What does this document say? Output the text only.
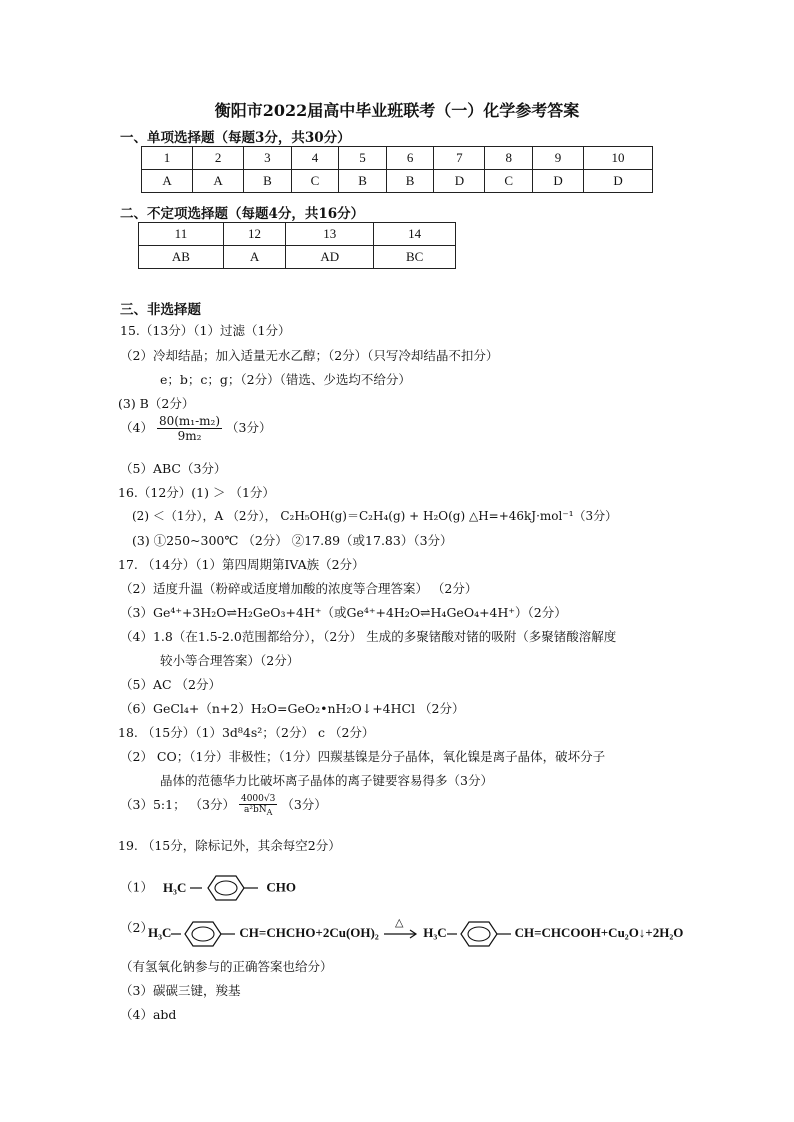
衡阳市2022届高中毕业班联考（一）化学参考答案
一、单项选择题（每题3分，共30分）
1	2	3	4	5	6	7	8	9	10
A	A	B	C	B	B	D	C	D	D
二、不定项选择题（每题4分，共16分）
11	12	13	14
AB	A	AD	BC
三、非选择题
15.（13分）（1）过滤（1分）
（2）冷却结晶；加入适量无水乙醇；（2分）（只写冷却结晶不扣分）
e；b；c；g；（2分）（错选、少选均不给分）
(3) B（2分）
$(4) \frac{\text{80(m₁-m₂)}}{\text{9m₂}} (3$分）
（5）ABC（3分）
16.（12分）(1) ＞ （1分）
(2) ＜（1分），A （2分）， C₂H₅OH(g)＝C₂H₄(g) + H₂O(g) △H=+46kJ·mol⁻¹（3分）
(3) ①250~300℃ （2分） ②17.89（或17.83）（3分）
17. （14分）（1）第四周期第IVA族（2分）
（2）适度升温（粉碎或适度增加酸的浓度等合理答案） （2分）
（3）Ge⁴⁺+3H₂O⇌H₂GeO₃+4H⁺（或Ge⁴⁺+4H₂O⇌H₄GeO₄+4H⁺）（2分）
（4）1.8（在1.5-2.0范围都给分），（2分） 生成的多聚锗酸对锗的吸附（多聚锗酸溶解度
较小等合理答案）（2分）
（5）AC （2分）
（6）GeCl₄+（n+2）H₂O=GeO₂•nH₂O↓+4HCl （2分）
18. （15分）（1）3d⁸4s²；（2分） c （2分）
（2） CO；（1分）非极性；（1分）四羰基镍是分子晶体，氧化镍是离子晶体，破坏分子
晶体的范德华力比破坏离子晶体的离子键要容易得多（3分）
（3）5:1； （3分） $\frac{4000√3}{a^2bN_A} (3$分）
19. （15分，除标记外，其余每空2分）
（1） H₃C	CHO
（2）
H₃C	CH=CHCHO+2Cu(OH)₂
△
H₃C	CH=CHCOOH+Cu₂O↓+2H₂O
（有氢氧化钠参与的正确答案也给分）
（3）碳碳三键，羧基
（4）abd
